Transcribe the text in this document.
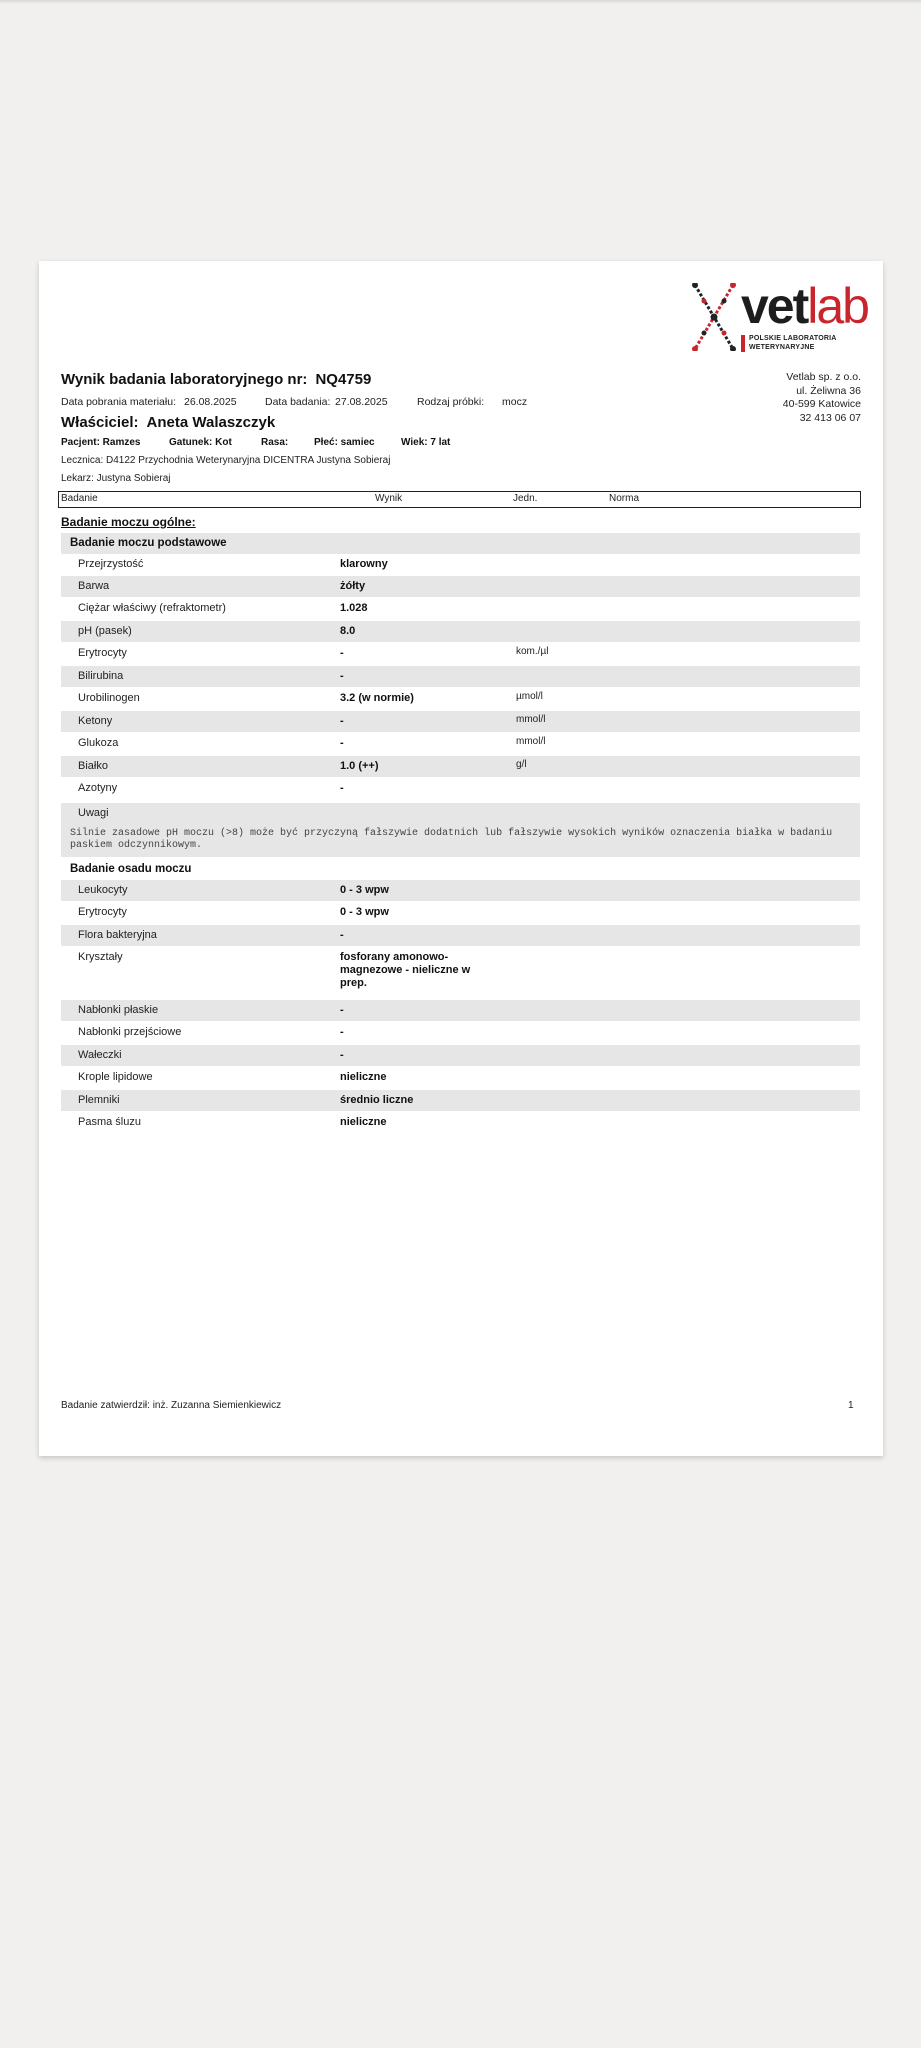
vetlab
POLSKIE LABORATORIA
WETERYNARYJNE
Vetlab sp. z o.o.
ul. Żeliwna 36
40-599 Katowice
32 413 06 07
Wynik badania laboratoryjnego nr: NQ4759
Data pobrania materiału: 26.08.2025	Data badania: 27.08.2025	Rodzaj próbki: mocz
Właściciel: Aneta Walaszczyk
Pacjent: Ramzes	Gatunek: Kot	Rasa:	Płeć: samiec	Wiek: 7 lat
Lecznica: D4122 Przychodnia Weterynaryjna DICENTRA Justyna Sobieraj
Lekarz: Justyna Sobieraj
Badanie	Wynik	Jedn.	Norma
Badanie moczu ogólne:
Badanie moczu podstawowe
Przejrzystość	klarowny
Barwa	żółty
Ciężar właściwy (refraktometr)	1.028
pH (pasek)	8.0
Erytrocyty	-	kom./µl
Bilirubina	-
Urobilinogen	3.2 (w normie)	µmol/l
Ketony	-	mmol/l
Glukoza	-	mmol/l
Białko	1.0 (++)	g/l
Azotyny	-
Uwagi
Silnie zasadowe pH moczu (>8) może być przyczyną fałszywie dodatnich lub fałszywie wysokich wyników oznaczenia białka w badaniu paskiem odczynnikowym.
Badanie osadu moczu
Leukocyty	0 - 3 wpw
Erytrocyty	0 - 3 wpw
Flora bakteryjna	-
Kryształy	fosforany amonowo-magnezowe - nieliczne w prep.
Nabłonki płaskie	-
Nabłonki przejściowe	-
Wałeczki	-
Krople lipidowe	nieliczne
Plemniki	średnio liczne
Pasma śluzu	nieliczne
Badanie zatwierdził: inż. Zuzanna Siemienkiewicz	1
